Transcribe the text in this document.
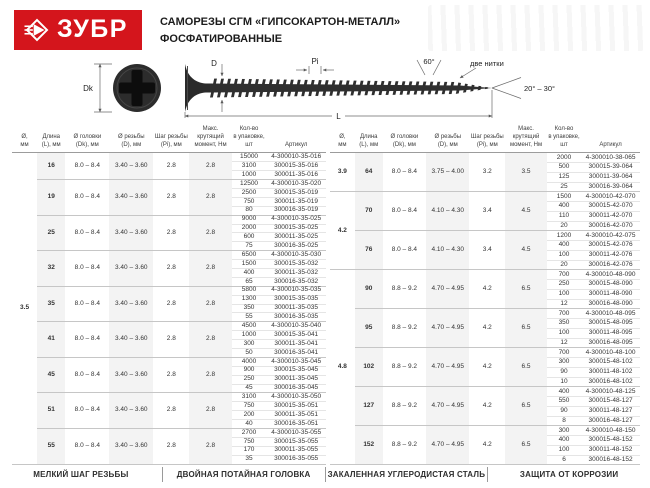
ЗУБР	САМОРЕЗЫ СГМ «ГИПСОКАРТОН-МЕТАЛЛ»
ФОСФАТИРОВАННЫЕ
Dk
D	Pi	60°	две нитки
20° – 30°
L
Ø,
мм

Длина
(L), мм

Ø головки
(Dk), мм

Ø резьбы
(D), мм

Шаг резьбы
(Pi), мм

Макс. крутящий
момент, Нм

Кол-во
в упаковке, шт	Артикул

3.5	16	8.0 – 8.4	3.40 – 3.60	2.8	2.8	15000	4-300010-35-016
						3100	300015-35-016
						1000	300011-35-016
	19	8.0 – 8.4	3.40 – 3.60	2.8	2.8	12500	4-300010-35-020
						2500	300015-35-019
						750	300011-35-019
						80	300016-35-019
	25	8.0 – 8.4	3.40 – 3.60	2.8	2.8	9000	4-300010-35-025
						2000	300015-35-025
						600	300011-35-025
						75	300016-35-025
	32	8.0 – 8.4	3.40 – 3.60	2.8	2.8	6500	4-300010-35-030
						1500	300015-35-032
						400	300011-35-032
						65	300016-35-032
	35	8.0 – 8.4	3.40 – 3.60	2.8	2.8	5800	4-300010-35-035
						1300	300015-35-035
						350	300011-35-035
						55	300016-35-035
	41	8.0 – 8.4	3.40 – 3.60	2.8	2.8	4500	4-300010-35-040
						1000	300015-35-041
						300	300011-35-041
						50	300016-35-041
	45	8.0 – 8.4	3.40 – 3.60	2.8	2.8	4000	4-300010-35-045
						900	300015-35-045
						250	300011-35-045
						45	300016-35-045
	51	8.0 – 8.4	3.40 – 3.60	2.8	2.8	3100	4-300010-35-050
						750	300015-35-051
						200	300011-35-051
						40	300016-35-051
	55	8.0 – 8.4	3.40 – 3.60	2.8	2.8	2700	4-300010-35-055
						750	300015-35-055
						170	300011-35-055
						35	300016-35-055
Ø,
мм

Длина
(L), мм

Ø головки
(Dk), мм

Ø резьбы
(D), мм

Шаг резьбы
(Pi), мм

Макс. крутящий
момент, Нм

Кол-во
в упаковке, шт	Артикул

3.9	64	8.0 – 8.4	3.75 – 4.00	3.2	3.5	2000	4-300010-38-065
						500	300015-39-064
						125	300011-39-064
						25	300016-39-064
4.2	70	8.0 – 8.4	4.10 – 4.30	3.4	4.5	1500	4-300010-42-070
						400	300015-42-070
						110	300011-42-070
						20	300016-42-070
	76	8.0 – 8.4	4.10 – 4.30	3.4	4.5	1200	4-300010-42-075
						400	300015-42-076
						100	300011-42-076
						20	300016-42-076
4.8	90	8.8 – 9.2	4.70 – 4.95	4.2	6.5	700	4-300010-48-090
						250	300015-48-090
						100	300011-48-090
						12	300016-48-090
	95	8.8 – 9.2	4.70 – 4.95	4.2	6.5	700	4-300010-48-095
						350	300015-48-095
						100	300011-48-095
						12	300016-48-095
	102	8.8 – 9.2	4.70 – 4.95	4.2	6.5	700	4-300010-48-100
						300	300015-48-102
						90	300011-48-102
						10	300016-48-102
	127	8.8 – 9.2	4.70 – 4.95	4.2	6.5	400	4-300010-48-125
						550	300015-48-127
						90	300011-48-127
						8	300016-48-127
	152	8.8 – 9.2	4.70 – 4.95	4.2	6.5	300	4-300010-48-150
						400	300015-48-152
						100	300011-48-152
						6	300016-48-152
МЕЛКИЙ ШАГ РЕЗЬБЫ	ДВОЙНАЯ ПОТАЙНАЯ ГОЛОВКА	ЗАКАЛЕННАЯ УГЛЕРОДИСТАЯ СТАЛЬ	ЗАЩИТА ОТ КОРРОЗИИ
